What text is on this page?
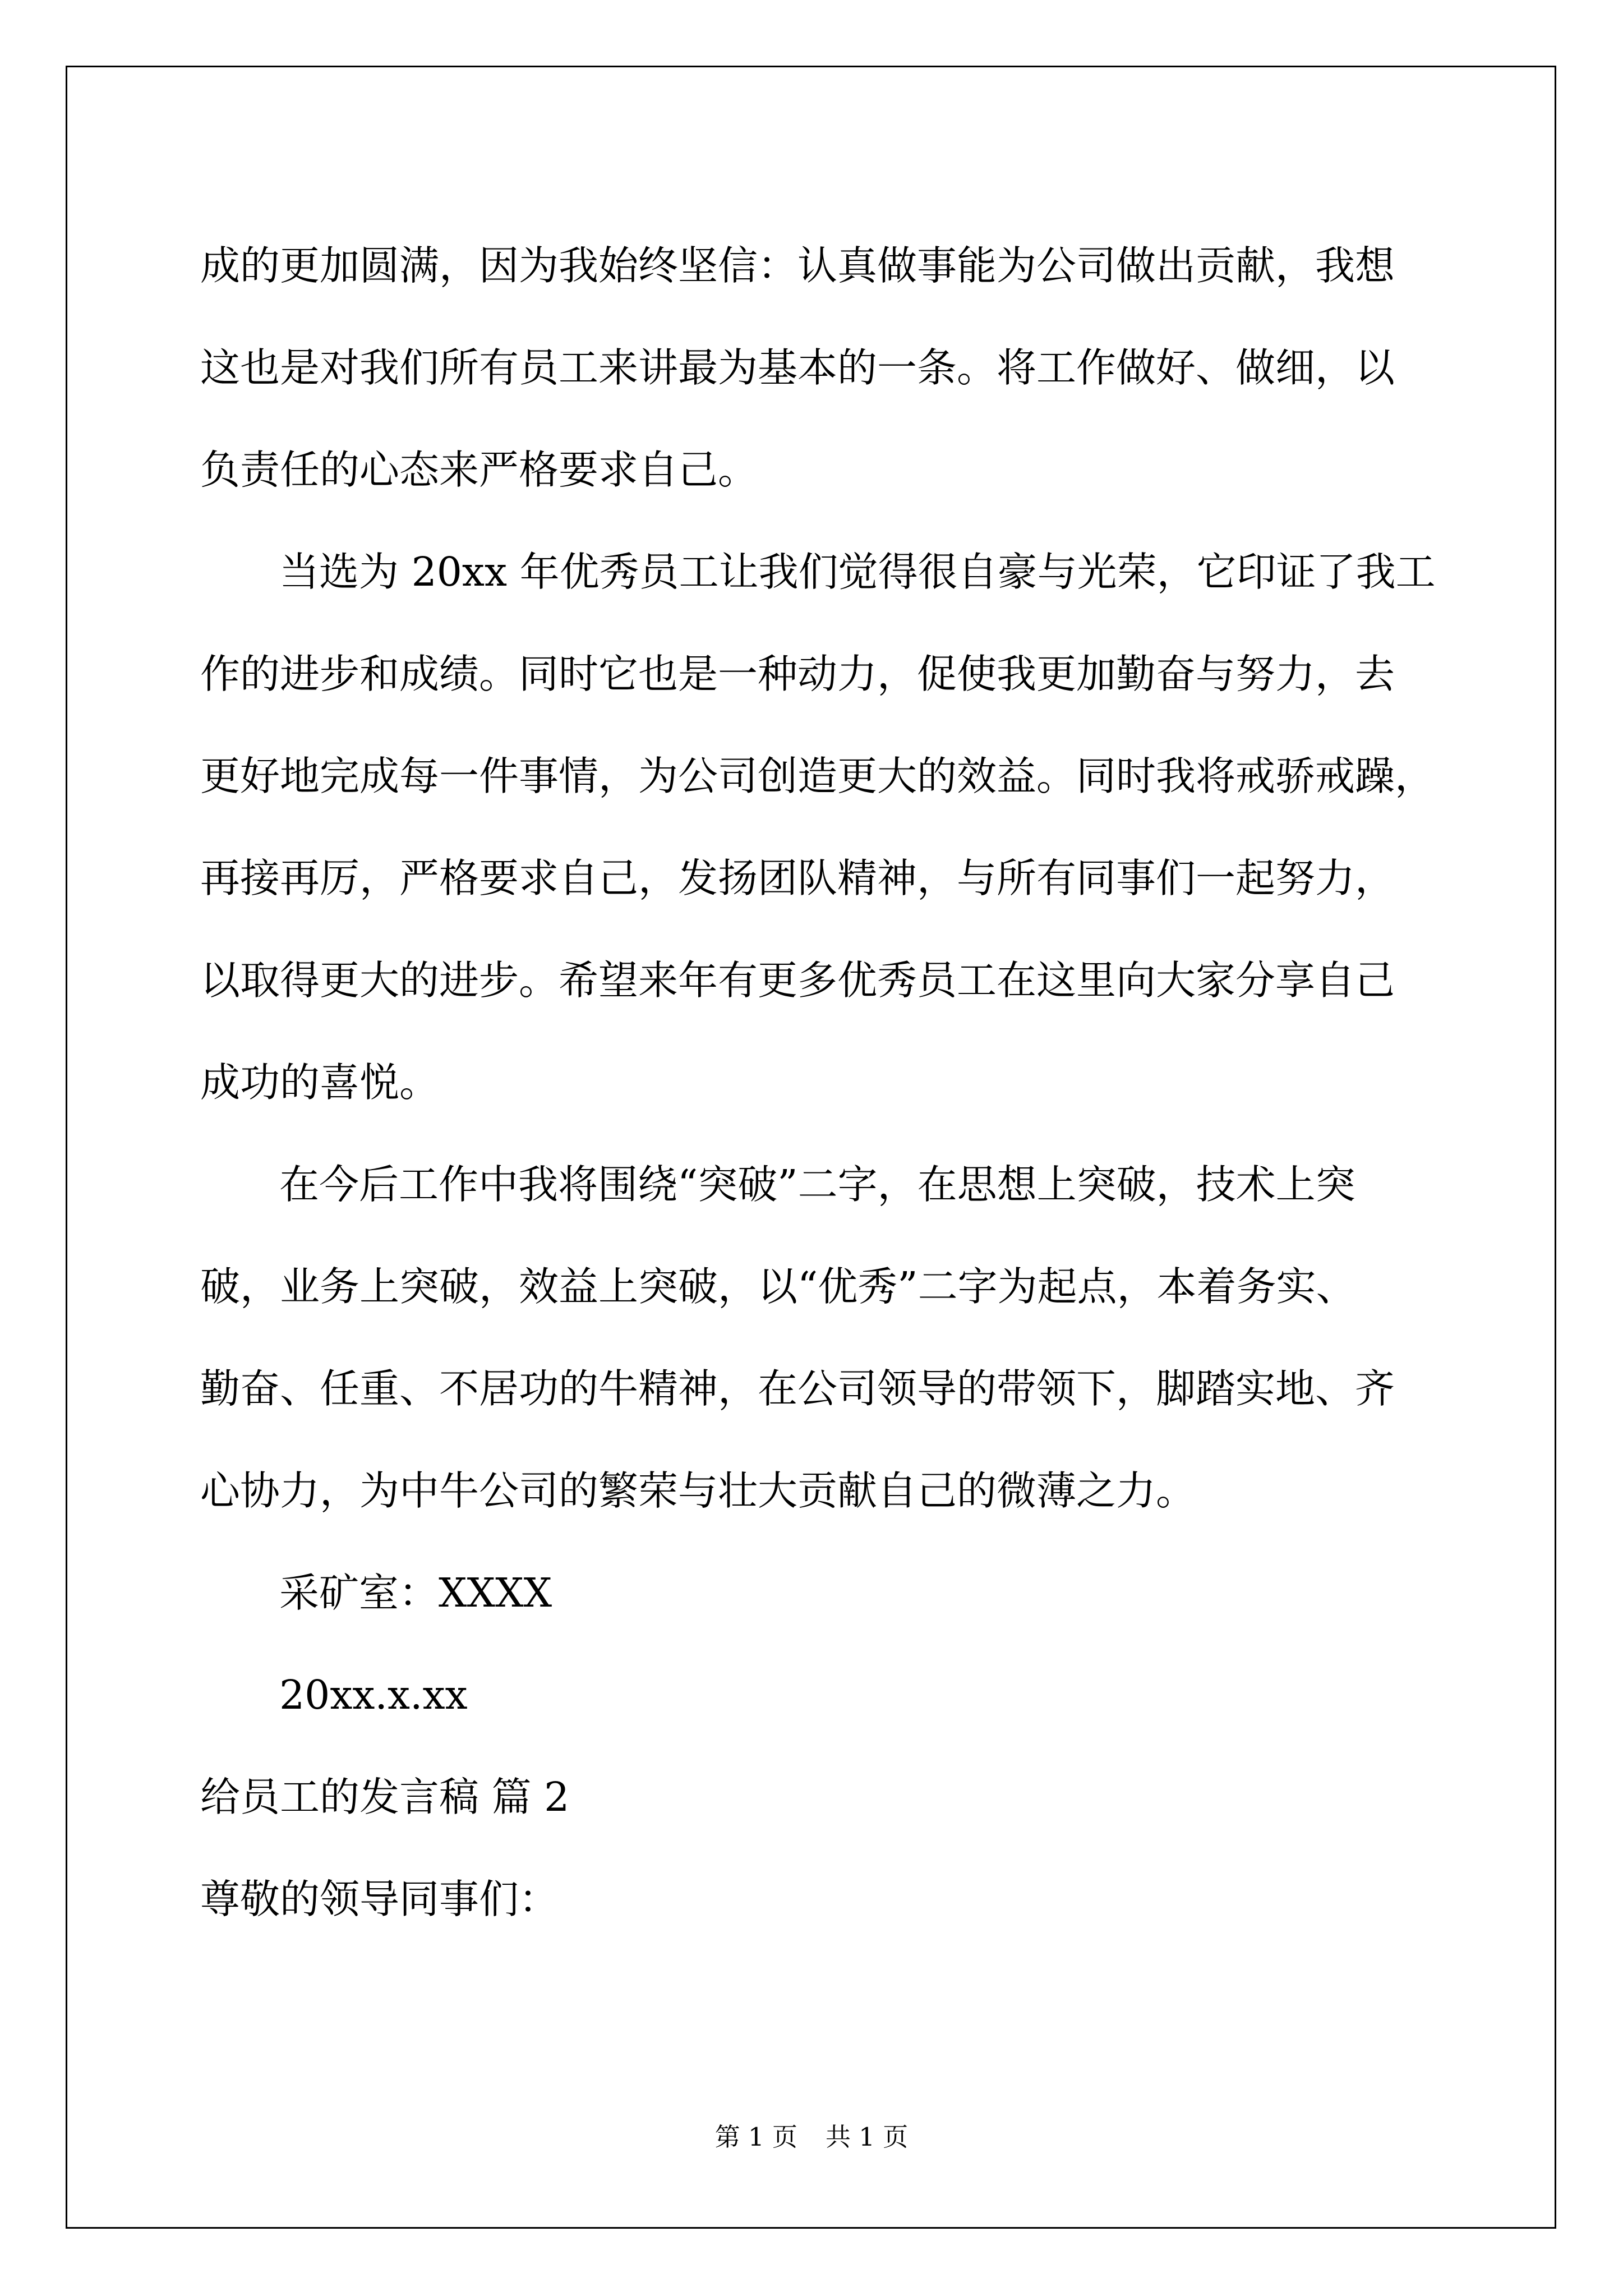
成的更加圆满，因为我始终坚信：认真做事能为公司做出贡献，我想
这也是对我们所有员工来讲最为基本的一条。将工作做好、做细，以
负责任的心态来严格要求自己。
当选为 20xx 年优秀员工让我们觉得很自豪与光荣，它印证了我工
作的进步和成绩。同时它也是一种动力，促使我更加勤奋与努力，去
更好地完成每一件事情，为公司创造更大的效益。同时我将戒骄戒躁，
再接再厉，严格要求自己，发扬团队精神，与所有同事们一起努力，
以取得更大的进步。希望来年有更多优秀员工在这里向大家分享自己
成功的喜悦。
在今后工作中我将围绕“突破”二字，在思想上突破，技术上突
破，业务上突破，效益上突破，以“优秀”二字为起点，本着务实、
勤奋、任重、不居功的牛精神，在公司领导的带领下，脚踏实地、齐
心协力，为中牛公司的繁荣与壮大贡献自己的微薄之力。
采矿室：XXXX
20xx.x.xx
给员工的发言稿 篇 2
尊敬的领导同事们：
第 1 页 共 1 页
